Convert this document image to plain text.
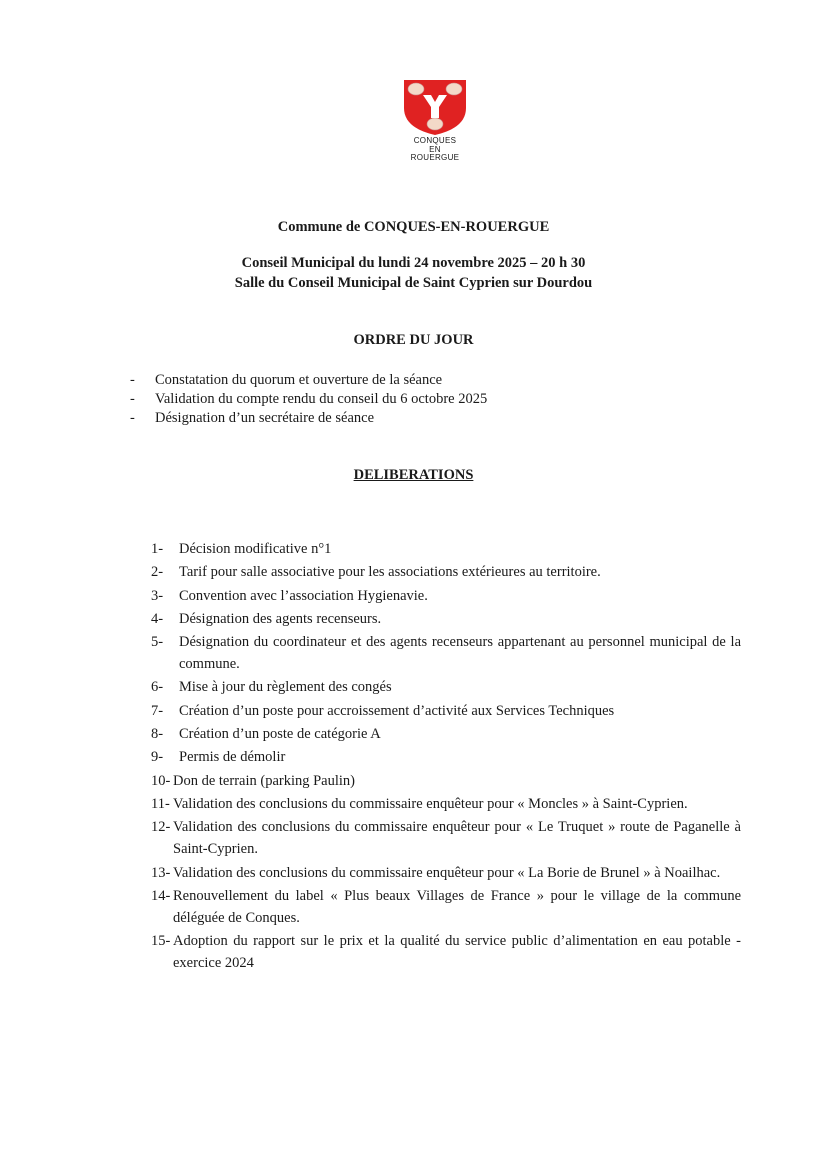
CONQUES
EN
ROUERGUE
Commune de CONQUES-EN-ROUERGUE
Conseil Municipal du lundi 24 novembre 2025 – 20 h 30
Salle du Conseil Municipal de Saint Cyprien sur Dourdou
ORDRE DU JOUR
- Constatation du quorum et ouverture de la séance
- Validation du compte rendu du conseil du 6 octobre 2025
- Désignation d’un secrétaire de séance
DELIBERATIONS
1-	Décision modificative n°1
2-	Tarif pour salle associative pour les associations extérieures au territoire.
3-	Convention avec l’association Hygienavie.
4-	Désignation des agents recenseurs.
5-	Désignation du coordinateur et des agents recenseurs appartenant au personnel municipal de la commune.
6-	Mise à jour du règlement des congés
7-	Création d’un poste pour accroissement d’activité aux Services Techniques
8-	Création d’un poste de catégorie A
9-	Permis de démolir
10- Don de terrain (parking Paulin)
11- Validation des conclusions du commissaire enquêteur pour « Moncles » à Saint-Cyprien.
12- Validation des conclusions du commissaire enquêteur pour « Le Truquet » route de Paganelle à Saint-Cyprien.
13- Validation des conclusions du commissaire enquêteur pour « La Borie de Brunel » à Noailhac.
14- Renouvellement du label « Plus beaux Villages de France » pour le village de la commune déléguée de Conques.
15- Adoption du rapport sur le prix et la qualité du service public d’alimentation en eau potable - exercice 2024
